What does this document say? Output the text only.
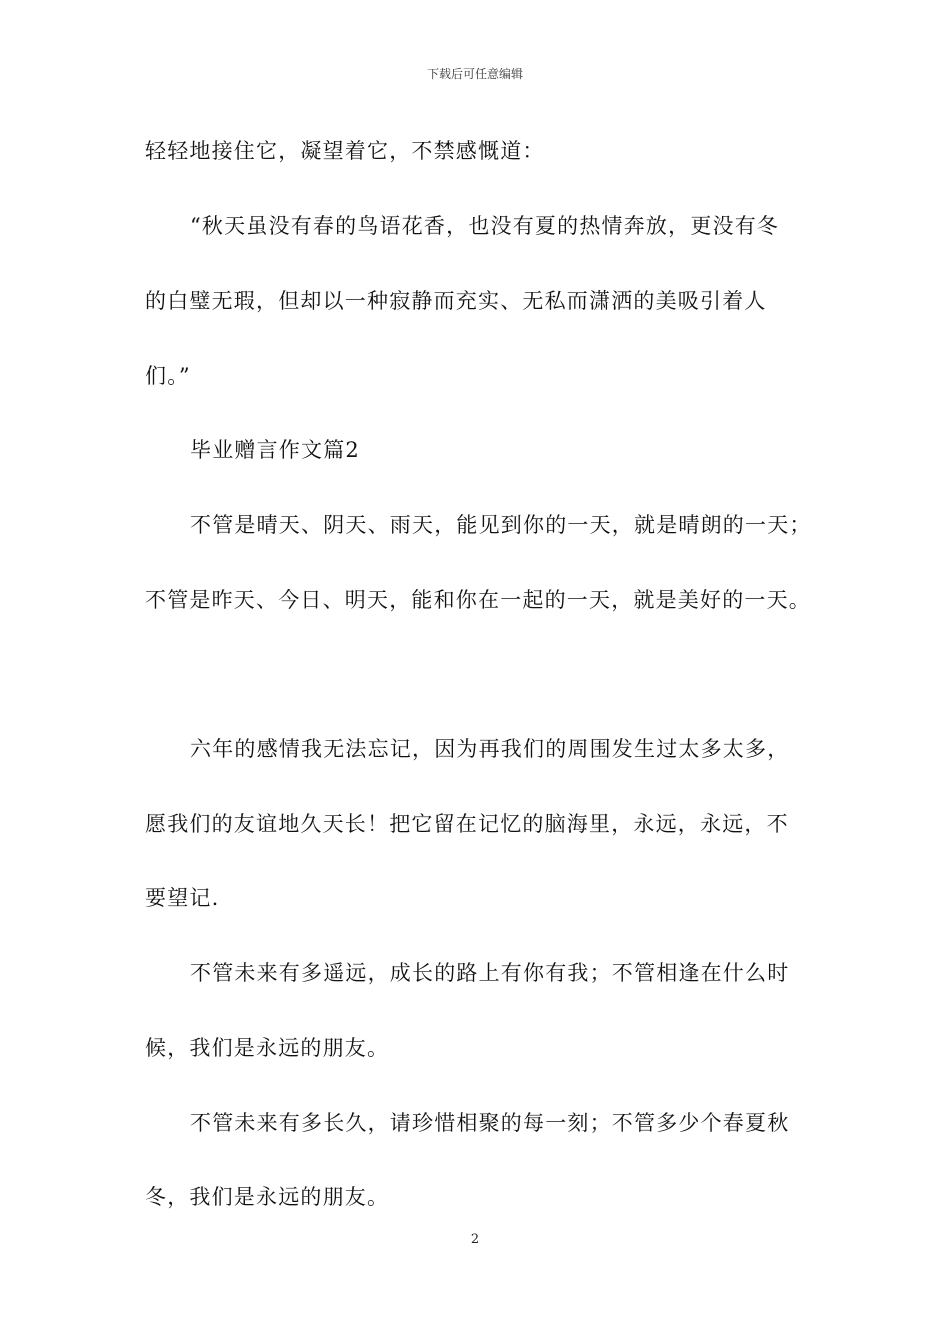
下载后可任意编辑
轻轻地接住它，凝望着它，不禁感慨道：
“秋天虽没有春的鸟语花香，也没有夏的热情奔放，更没有冬
的白璧无瑕，但却以一种寂静而充实、无私而潇洒的美吸引着人
们。”
毕业赠言作文篇2
不管是晴天、阴天、雨天，能见到你的一天，就是晴朗的一天；
不管是昨天、今日、明天，能和你在一起的一天，就是美好的一天。
六年的感情我无法忘记，因为再我们的周围发生过太多太多，
愿我们的友谊地久天长！把它留在记忆的脑海里，永远，永远，不
要望记.
不管未来有多遥远，成长的路上有你有我；不管相逢在什么时
候，我们是永远的朋友。
不管未来有多长久，请珍惜相聚的每一刻；不管多少个春夏秋
冬，我们是永远的朋友。
2
